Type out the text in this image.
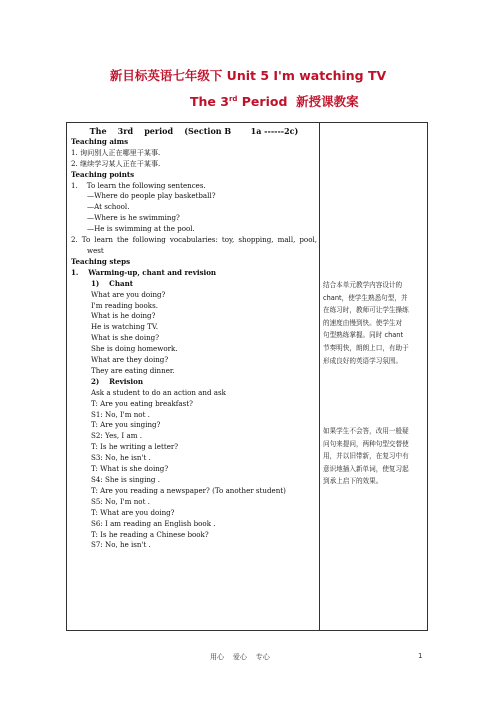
新目标英语七年级下 Unit 5 I'm watching TV
The 3rd Period  新授课教案
The    3rd    period    (Section B       1a ------2c)
Teaching aims
1. 询问别人正在哪里干某事.
2. 继续学习某人正在干某事.
Teaching points
1.    To learn the following sentences.
—Where do people play basketball?
—At school.
—Where is he swimming?
—He is swimming at the pool.
2. To learn the following vocabularies: toy, shopping, mall, pool,
west
Teaching steps
1.    Warming-up, chant and revision
1)    Chant
What are you doing?
I'm reading books.
What is he doing?
He is watching TV.
What is she doing?
She is doing homework.
What are they doing?
They are eating dinner.
2)    Revision
Ask a student to do an action and ask
T: Are you eating breakfast?
S1: No, I'm not .
T: Are you singing?
S2: Yes, I am .
T: Is he writing a letter?
S3: No, he isn't .
T: What is she doing?
S4: She is singing .
T: Are you reading a newspaper? (To another student)
S5: No, I'm not .
T: What are you doing?
S6: I am reading an English book .
T: Is he reading a Chinese book?
S7: No, he isn't .
结合本单元教学内容设计的
chant，使学生熟悉句型，并
在练习时，教师可让学生操练
的速度由慢到快。使学生对
句型熟练掌握。同时 chant
节奏明快，朗朗上口，有助于
形成良好的英语学习氛围。
如果学生不会答，改用一般疑
问句来提问，两种句型交替使
用，并以旧带新，在复习中有
意识地插入新单词，使复习起
到承上启下的效果。
用心    爱心    专心	1
